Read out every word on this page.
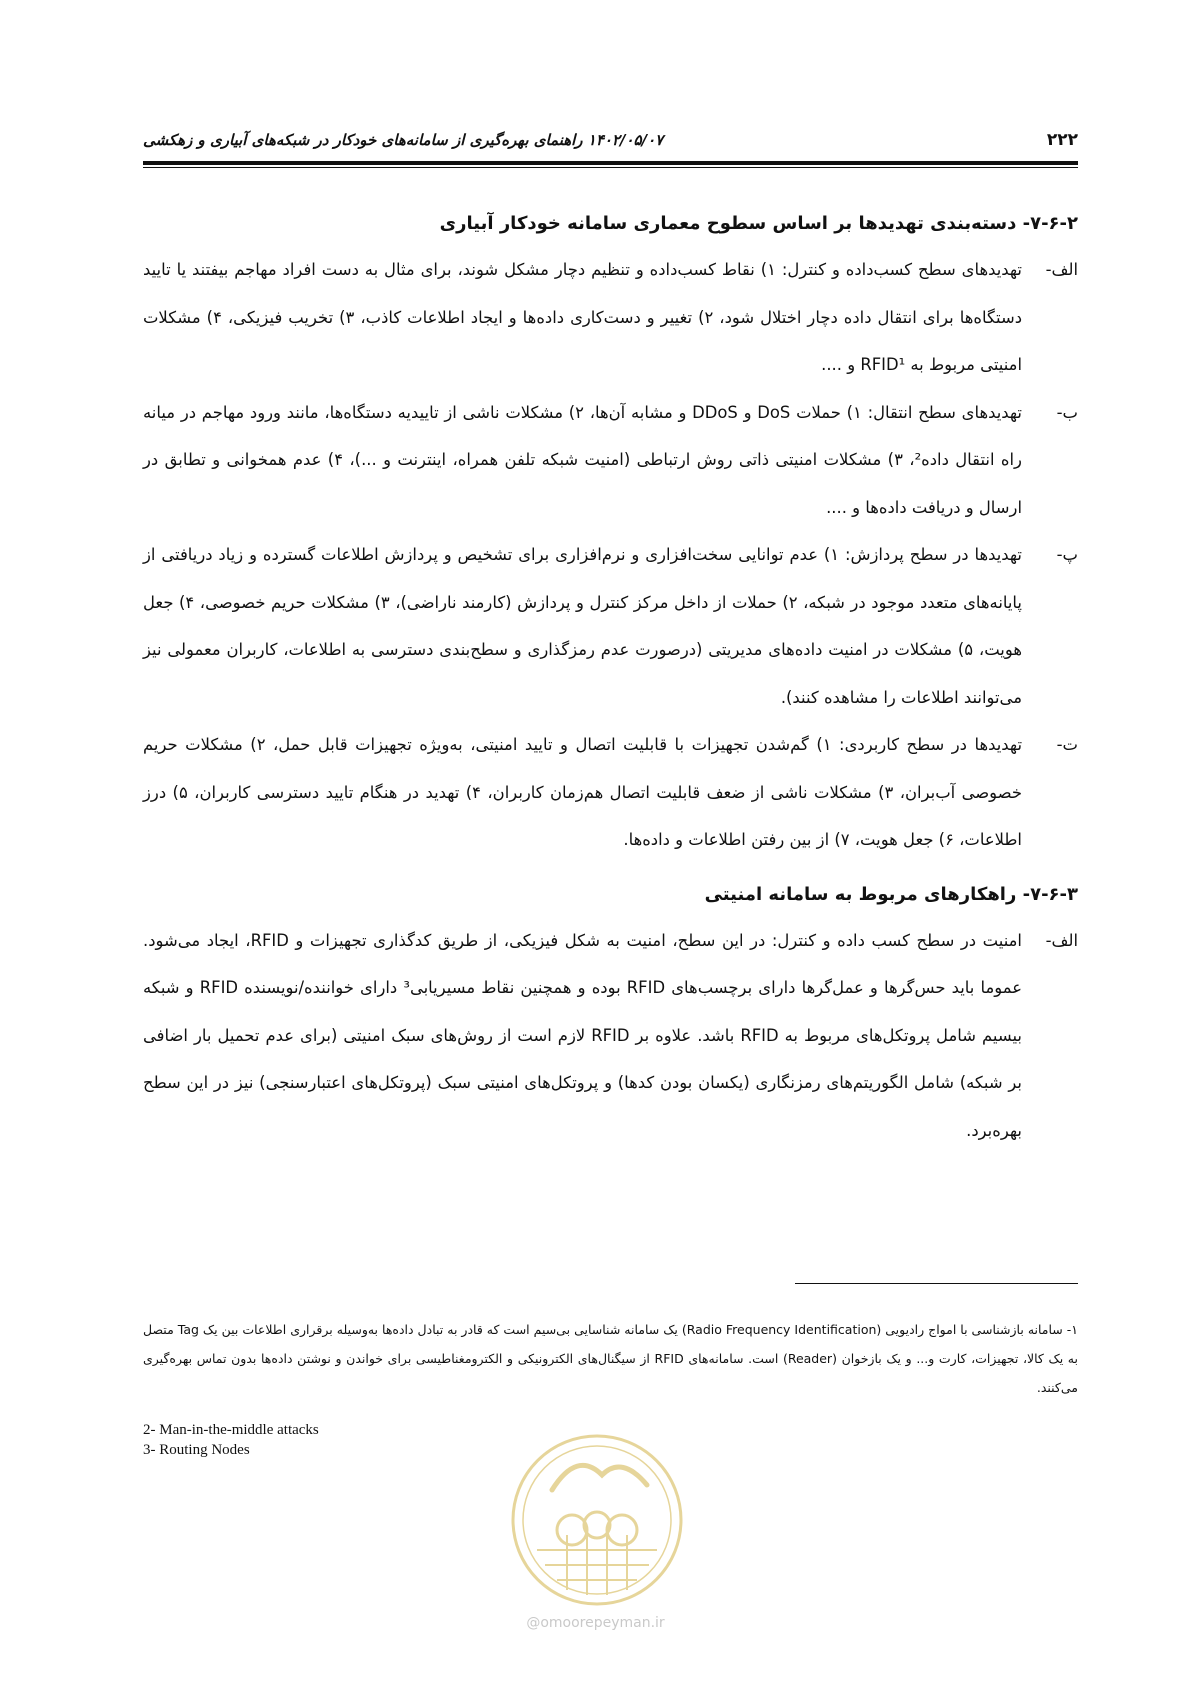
۲۲۲
۱۴۰۲/۰۵/۰۷ راهنمای بهره‌گیری از سامانه‌های خودکار در شبکه‌های آبیاری و زهکشی
۷-۶-۲- دسته‌بندی تهدیدها بر اساس سطوح معماری سامانه خودکار آبیاری
الف-
تهدیدهای سطح کسب‌داده و کنترل: ۱) نقاط کسب‌داده و تنظیم دچار مشکل شوند، برای مثال به دست افراد مهاجم بیفتند یا تایید دستگاه‌ها برای انتقال داده دچار اختلال شود، ۲) تغییر و دست‌کاری داده‌ها و ایجاد اطلاعات کاذب، ۳) تخریب فیزیکی، ۴) مشکلات امنیتی مربوط به RFID¹ و ....
ب-
تهدیدهای سطح انتقال: ۱) حملات DoS و DDoS و مشابه آن‌ها، ۲) مشکلات ناشی از تاییدیه دستگاه‌ها، مانند ورود مهاجم در میانه راه انتقال داده²، ۳) مشکلات امنیتی ذاتی روش ارتباطی (امنیت شبکه تلفن همراه، اینترنت و ...)، ۴) عدم همخوانی و تطابق در ارسال و دریافت داده‌ها و ....
پ-
تهدیدها در سطح پردازش: ۱) عدم توانایی سخت‌افزاری و نرم‌افزاری برای تشخیص و پردازش اطلاعات گسترده و زیاد دریافتی از پایانه‌های متعدد موجود در شبکه، ۲) حملات از داخل مرکز کنترل و پردازش (کارمند ناراضی)، ۳) مشکلات حریم خصوصی، ۴) جعل هویت، ۵) مشکلات در امنیت داده‌های مدیریتی (درصورت عدم رمزگذاری و سطح‌بندی دسترسی به اطلاعات، کاربران معمولی نیز می‌توانند اطلاعات را مشاهده کنند).
ت-
تهدیدها در سطح کاربردی: ۱) گم‌شدن تجهیزات با قابلیت اتصال و تایید امنیتی، به‌ویژه تجهیزات قابل حمل، ۲) مشکلات حریم خصوصی آب‌بران، ۳) مشکلات ناشی از ضعف قابلیت اتصال هم‌زمان کاربران، ۴) تهدید در هنگام تایید دسترسی کاربران، ۵) درز اطلاعات، ۶) جعل هویت، ۷) از بین رفتن اطلاعات و داده‌ها.
۷-۶-۳- راهکارهای مربوط به سامانه امنیتی
الف-
امنیت در سطح کسب داده و کنترل: در این سطح، امنیت به شکل فیزیکی، از طریق کدگذاری تجهیزات و RFID، ایجاد می‌شود. عموما باید حس‌گرها و عمل‌گرها دارای برچسب‌های RFID بوده و همچنین نقاط مسیریابی³ دارای خواننده/نویسنده RFID و شبکه بیسیم شامل پروتکل‌های مربوط به RFID باشد. علاوه بر RFID لازم است از روش‌های سبک امنیتی (برای عدم تحمیل بار اضافی بر شبکه) شامل الگوریتم‌های رمزنگاری (یکسان بودن کدها) و پروتکل‌های امنیتی سبک (پروتکل‌های اعتبارسنجی) نیز در این سطح بهره‌برد.
۱- سامانه بازشناسی با امواج رادیویی (Radio Frequency Identification) یک سامانه شناسایی بی‌سیم است که قادر به تبادل داده‌ها به‌وسیله برقراری اطلاعات بین یک Tag متصل به یک کالا، تجهیزات، کارت و... و یک بازخوان (Reader) است. سامانه‌های RFID از سیگنال‌های الکترونیکی و الکترومغناطیسی برای خواندن و نوشتن داده‌ها بدون تماس بهره‌گیری می‌کنند.
2- Man-in-the-middle attacks
3- Routing Nodes
@omoorepeyman.ir
